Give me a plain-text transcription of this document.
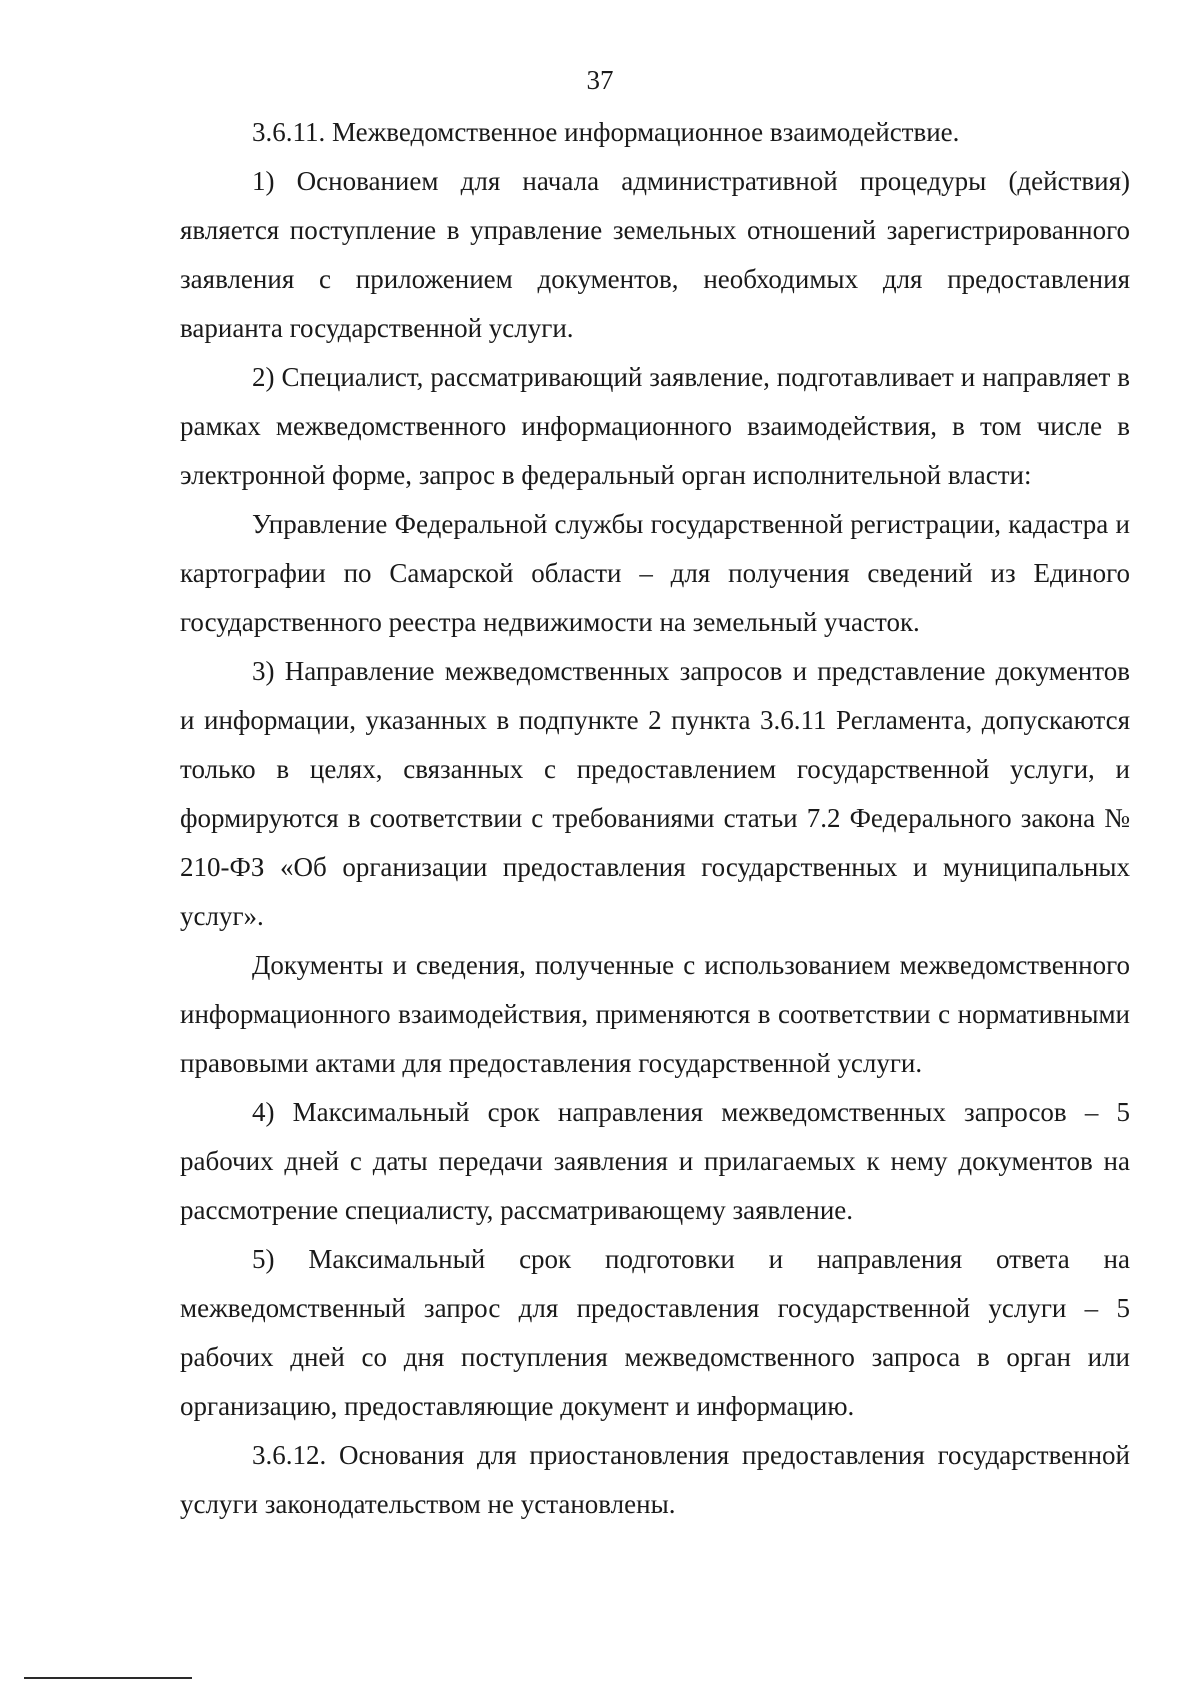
37

3.6.11. Межведомственное информационное взаимодействие.

1) Основанием для начала административной процедуры (действия) является поступление в управление земельных отношений зарегистрированного заявления с приложением документов, необходимых для предоставления варианта государственной услуги.

2) Специалист, рассматривающий заявление, подготавливает и направляет в рамках межведомственного информационного взаимодействия, в том числе в электронной форме, запрос в федеральный орган исполнительной власти:

Управление Федеральной службы государственной регистрации, кадастра и картографии по Самарской области – для получения сведений из Единого государственного реестра недвижимости на земельный участок.

3) Направление межведомственных запросов и представление документов и информации, указанных в подпункте 2 пункта 3.6.11 Регламента, допускаются только в целях, связанных с предоставлением государственной услуги, и формируются в соответствии с требованиями статьи 7.2 Федерального закона № 210-ФЗ «Об организации предоставления государственных и муниципальных услуг».

Документы и сведения, полученные с использованием межведомственного информационного взаимодействия, применяются в соответствии с нормативными правовыми актами для предоставления государственной услуги.

4) Максимальный срок направления межведомственных запросов – 5 рабочих дней с даты передачи заявления и прилагаемых к нему документов на рассмотрение специалисту, рассматривающему заявление.

5) Максимальный срок подготовки и направления ответа на межведомственный запрос для предоставления государственной услуги – 5 рабочих дней со дня поступления межведомственного запроса в орган или организацию, предоставляющие документ и информацию.

3.6.12. Основания для приостановления предоставления государственной услуги законодательством не установлены.
